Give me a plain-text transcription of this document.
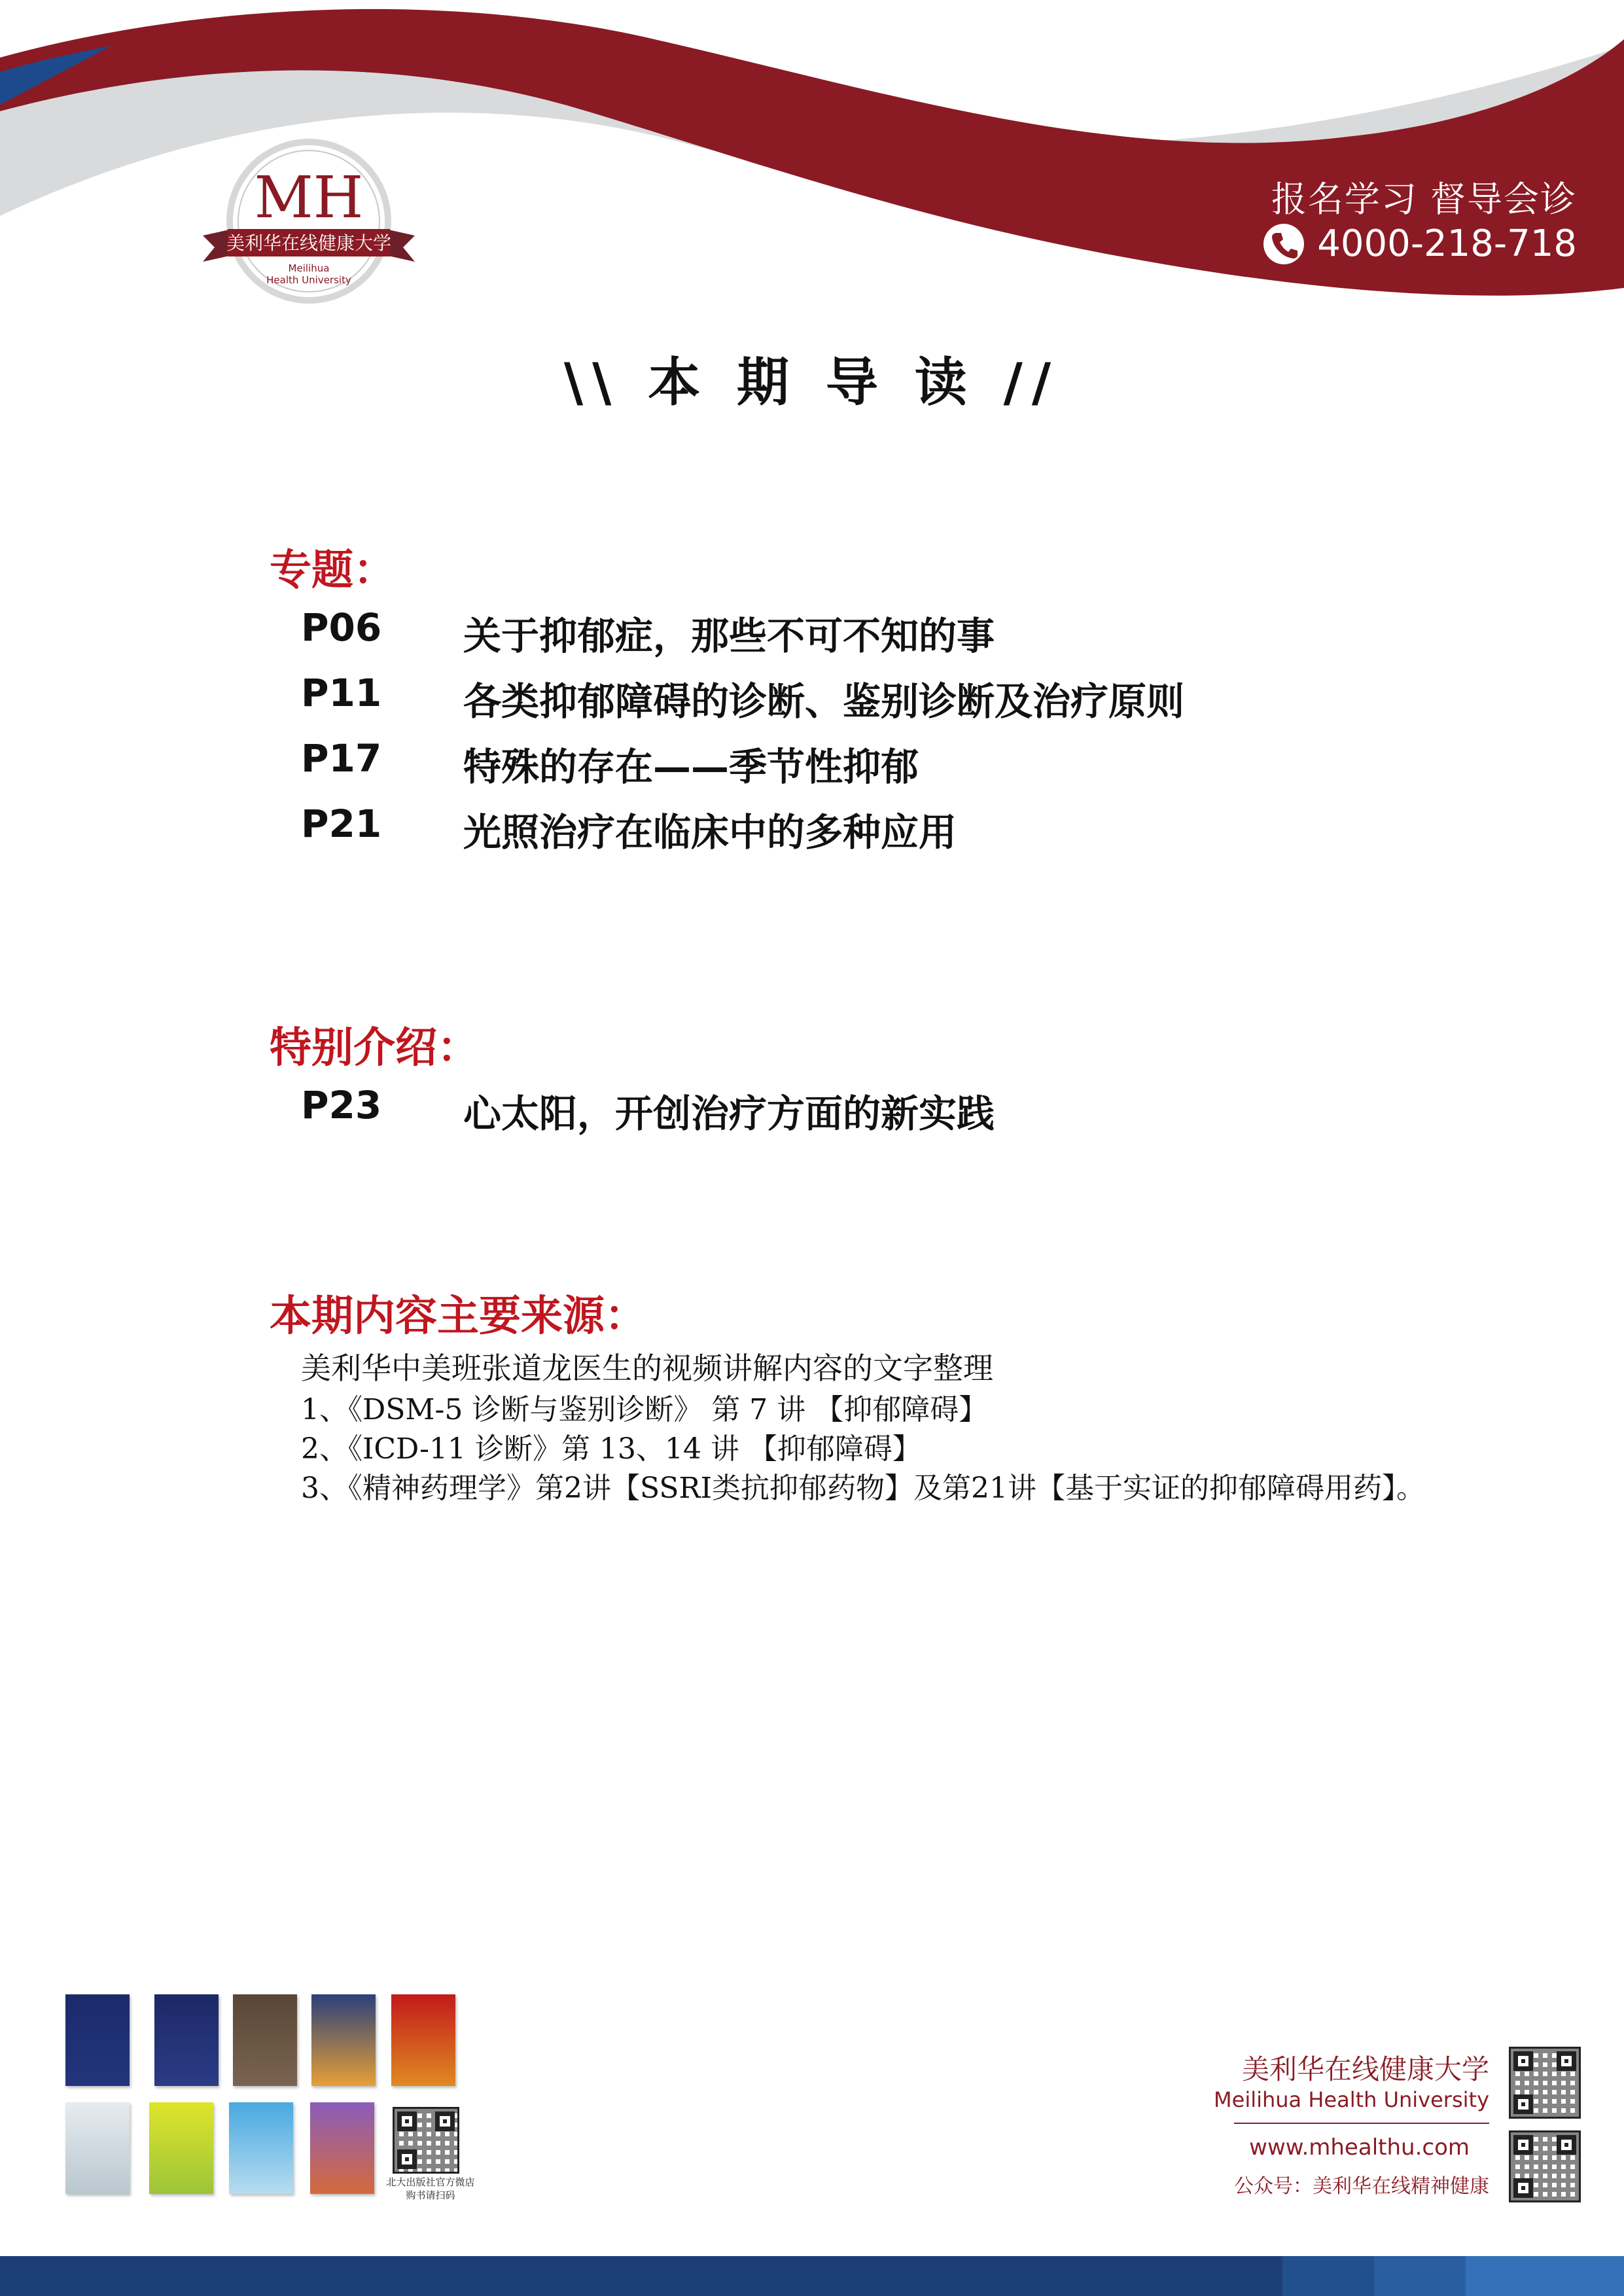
MH
美利华在线健康大学
Meilihua
Health University
报名学习 督导会诊
4000-218-718
\\ 本 期 导 读 //
专题：
P06 关于抑郁症，那些不可不知的事
P11 各类抑郁障碍的诊断、鉴别诊断及治疗原则
P17 特殊的存在——季节性抑郁
P21 光照治疗在临床中的多种应用
特别介绍：
P23 心太阳，开创治疗方面的新实践
本期内容主要来源：
美利华中美班张道龙医生的视频讲解内容的文字整理
1、《DSM-5 诊断与鉴别诊断》 第 7 讲 【抑郁障碍】
2、《ICD-11 诊断》第 13、14 讲 【抑郁障碍】
3、《精神药理学》第2讲【SSRI类抗抑郁药物】及第21讲【基于实证的抑郁障碍用药】。
北大出版社官方微店
购书请扫码
美利华在线健康大学
Meilihua Health University
www.mhealthu.com
公众号：美利华在线精神健康
